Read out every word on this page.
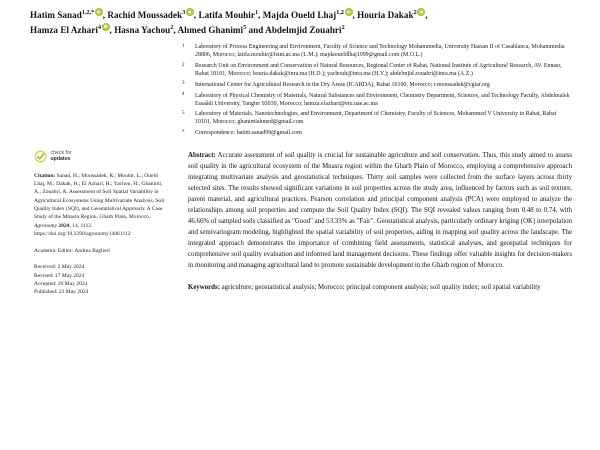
Hatim Sanad$^{1,2,*}$ , Rachid Moussadek$^3$ , Latifa Mouhir$^1$, Majda Oueld Lhaj$^{1,2}$ , Houria Dakak$^2$ ,
Hamza El Azhari$^4$ , Hasna Yachou$^2$, Ahmed Ghanimi$^5$ and Abdelmjid Zouahri$^2$
1	Laboratory of Process Engineering and Environment, Faculty of Science and Technology Mohammedia, University Hassan II of Casablanca, Mohammedia 28806, Morocco; latifa.mouhir@fstm.ac.ma (L.M.); majdaoueldlhaj1999@gmail.com (M.O.L.)
2	Research Unit on Environment and Conservation of Natural Resources, Regional Center of Rabat, National Institute of Agricultural Research, AV. Ennasr, Rabat 10101, Morocco; houria.dakak@inra.ma (H.D.); yachouh@inra.ma (H.Y.); abdelmjid.zouahri@inra.ma (A.Z.)
3	International Center for Agricultural Research in the Dry Areas (ICARDA), Rabat 10100, Morocco; r.moussadek@cgiar.org
4	Laboratory of Physical Chemistry of Materials, Natural Substances and Environment, Chemistry Department, Sciences, and Technology Faculty, Abdelmalek Essaâdi University, Tangier 93030, Morocco; hamza.elazhari@etu.uae.ac.ma
5	Laboratory of Materials, Nanotechnologies, and Environment, Department of Chemistry, Faculty of Sciences, Mohammed V University in Rabat, Rabat 10101, Morocco; ghanimiahmed@gmail.com
*	Correspondence: hatim.sanad99@gmail.com
check for
updates
Citation: Sanad, H.; Moussadek, R.; Mouhir, L.; Oueld Lhaj, M.; Dakak, H.; El Azhari, H.; Yachou, H.; Ghanimi, A.; Zouahri, A. Assessment of Soil Spatial Variability in Agricultural Ecosystems Using Multivariate Analysis, Soil Quality Index (SQI), and Geostatistical Approach: A Case Study of the Mnasra Region, Gharb Plain, Morocco. Agronomy 2024, 14, 1112. https://doi.org/10.3390/agronomy14061112
Academic Editor: Andrea Baglieri
Received: 2 May 2024
Revised: 17 May 2024
Accepted: 20 May 2024
Published: 23 May 2024
Abstract: Accurate assessment of soil quality is crucial for sustainable agriculture and soil conservation. Thus, this study aimed to assess soil quality in the agricultural ecosystem of the Mnasra region within the Gharb Plain of Morocco, employing a comprehensive approach integrating multivariate analysis and geostatistical techniques. Thirty soil samples were collected from the surface layers across thirty selected sites. The results showed significant variations in soil properties across the study area, influenced by factors such as soil texture, parent material, and agricultural practices. Pearson correlation and principal component analysis (PCA) were employed to analyze the relationships among soil properties and compute the Soil Quality Index (SQI). The SQI revealed values ranging from 0.48 to 0.74, with 46.66% of sampled soils classified as "Good" and 53.33% as "Fair". Geostatistical analysis, particularly ordinary kriging (OK) interpolation and semivariogram modeling, highlighted the spatial variability of soil properties, aiding in mapping soil quality across the landscape. The integrated approach demonstrates the importance of combining field assessments, statistical analyses, and geospatial techniques for comprehensive soil quality evaluation and informed land management decisions. These findings offer valuable insights for decision-makers in monitoring and managing agricultural land to promote sustainable development in the Gharb region of Morocco.
Keywords: agriculture; geostatistical analysis; Morocco; principal component analysis; soil quality index; soil spatial variability
